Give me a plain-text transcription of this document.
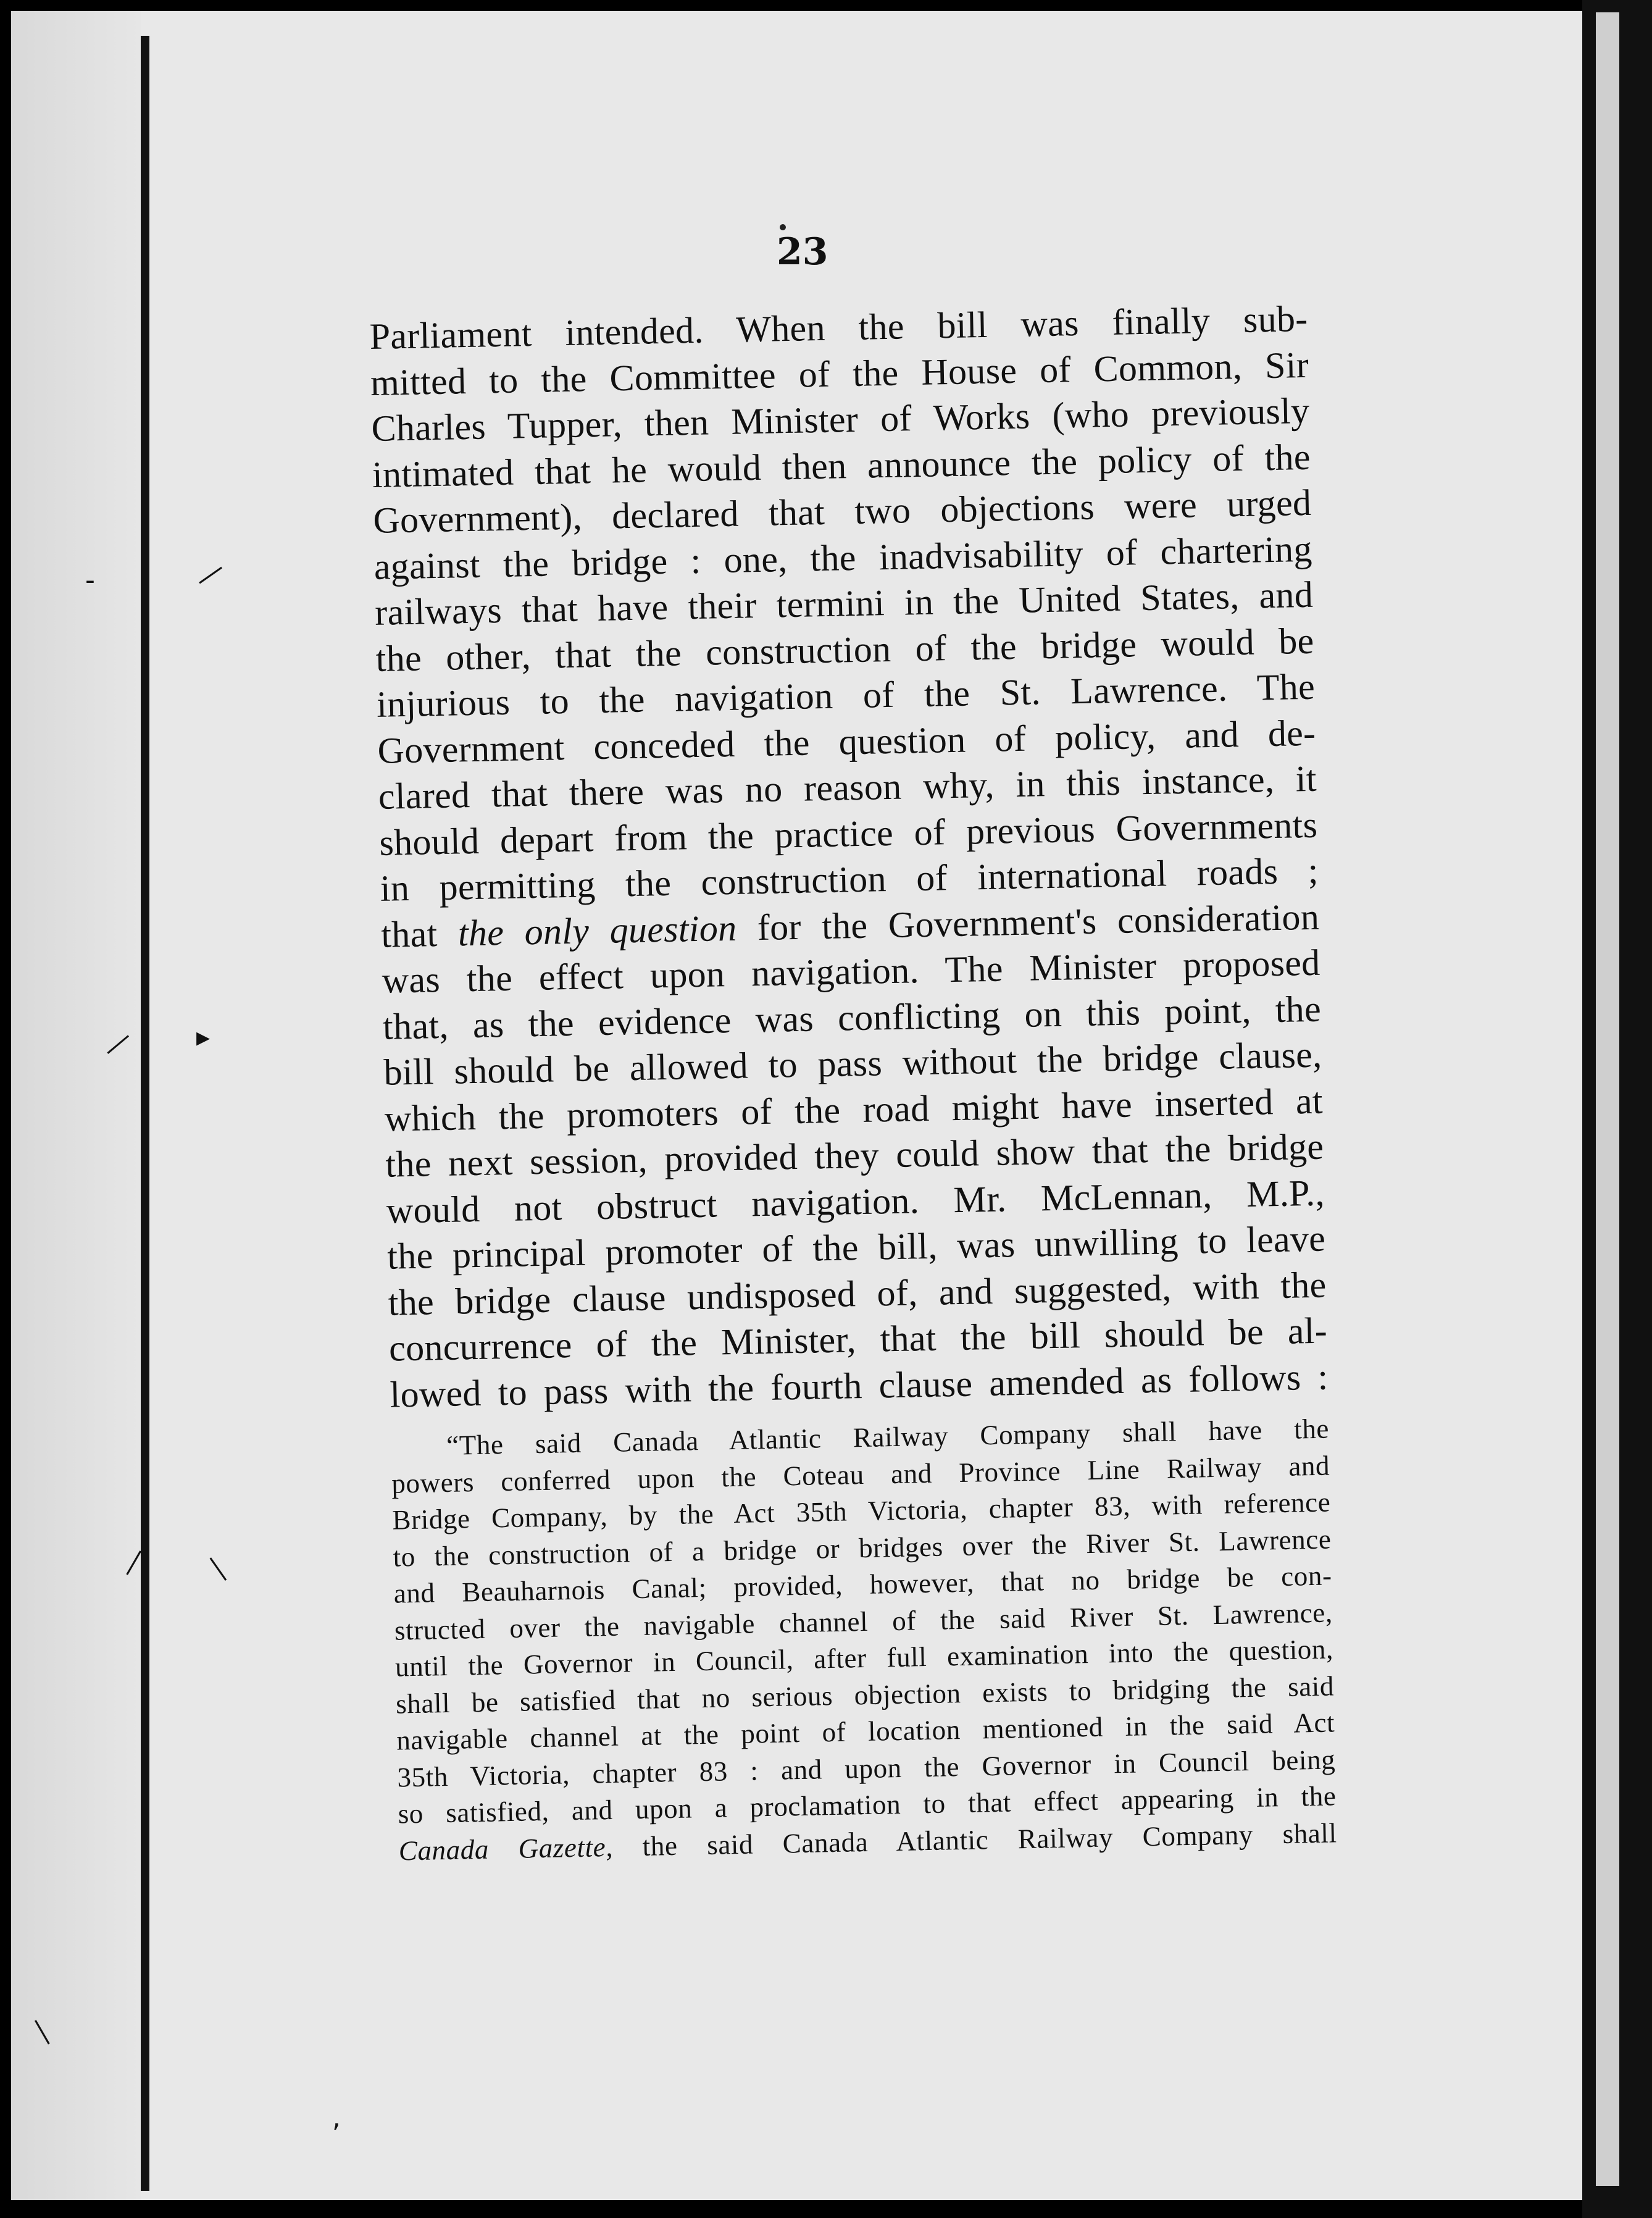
-	―
▸
―
― ―
―
,
23
Parliament intended. When the bill was finally sub-
mitted to the Committee of the House of Common, Sir
Charles Tupper, then Minister of Works (who previously
intimated that he would then announce the policy of the
Government), declared that two objections were urged
against the bridge : one, the inadvisability of chartering
railways that have their termini in the United States, and
the other, that the construction of the bridge would be
injurious to the navigation of the St. Lawrence. The
Government conceded the question of policy, and de-
clared that there was no reason why, in this instance, it
should depart from the practice of previous Governments
in permitting the construction of international roads ;
that the only question for the Government's consideration
was the effect upon navigation. The Minister proposed
that, as the evidence was conflicting on this point, the
bill should be allowed to pass without the bridge clause,
which the promoters of the road might have inserted at
the next session, provided they could show that the bridge
would not obstruct navigation. Mr. McLennan, M.P.,
the principal promoter of the bill, was unwilling to leave
the bridge clause undisposed of, and suggested, with the
concurrence of the Minister, that the bill should be al-
lowed to pass with the fourth clause amended as follows :
“The said Canada Atlantic Railway Company shall have the
powers conferred upon the Coteau and Province Line Railway and
Bridge Company, by the Act 35th Victoria, chapter 83, with reference
to the construction of a bridge or bridges over the River St. Lawrence
and Beauharnois Canal; provided, however, that no bridge be con-
structed over the navigable channel of the said River St. Lawrence,
until the Governor in Council, after full examination into the question,
shall be satisfied that no serious objection exists to bridging the said
navigable channel at the point of location mentioned in the said Act
35th Victoria, chapter 83 : and upon the Governor in Council being
so satisfied, and upon a proclamation to that effect appearing in the
Canada Gazette, the said Canada Atlantic Railway Company shall
